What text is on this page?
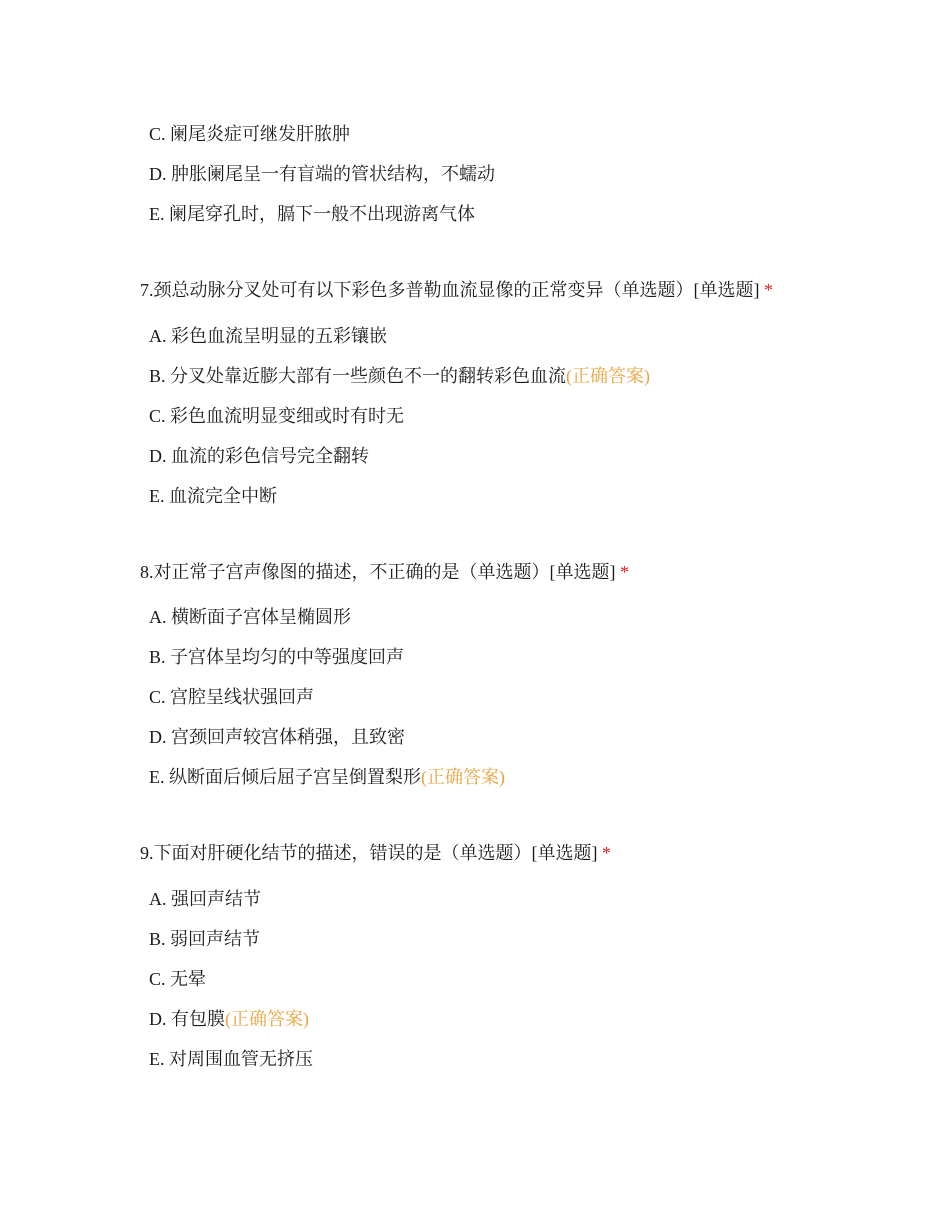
C. 阑尾炎症可继发肝脓肿
D. 肿胀阑尾呈一有盲端的管状结构，不蠕动
E. 阑尾穿孔时，膈下一般不出现游离气体
7.颈总动脉分叉处可有以下彩色多普勒血流显像的正常变异（单选题）[单选题] *
A. 彩色血流呈明显的五彩镶嵌
B. 分叉处靠近膨大部有一些颜色不一的翻转彩色血流(正确答案)
C. 彩色血流明显变细或时有时无
D. 血流的彩色信号完全翻转
E. 血流完全中断
8.对正常子宫声像图的描述，不正确的是（单选题）[单选题] *
A. 横断面子宫体呈椭圆形
B. 子宫体呈均匀的中等强度回声
C. 宫腔呈线状强回声
D. 宫颈回声较宫体稍强，且致密
E. 纵断面后倾后屈子宫呈倒置梨形(正确答案)
9.下面对肝硬化结节的描述，错误的是（单选题）[单选题] *
A. 强回声结节
B. 弱回声结节
C. 无晕
D. 有包膜(正确答案)
E. 对周围血管无挤压
